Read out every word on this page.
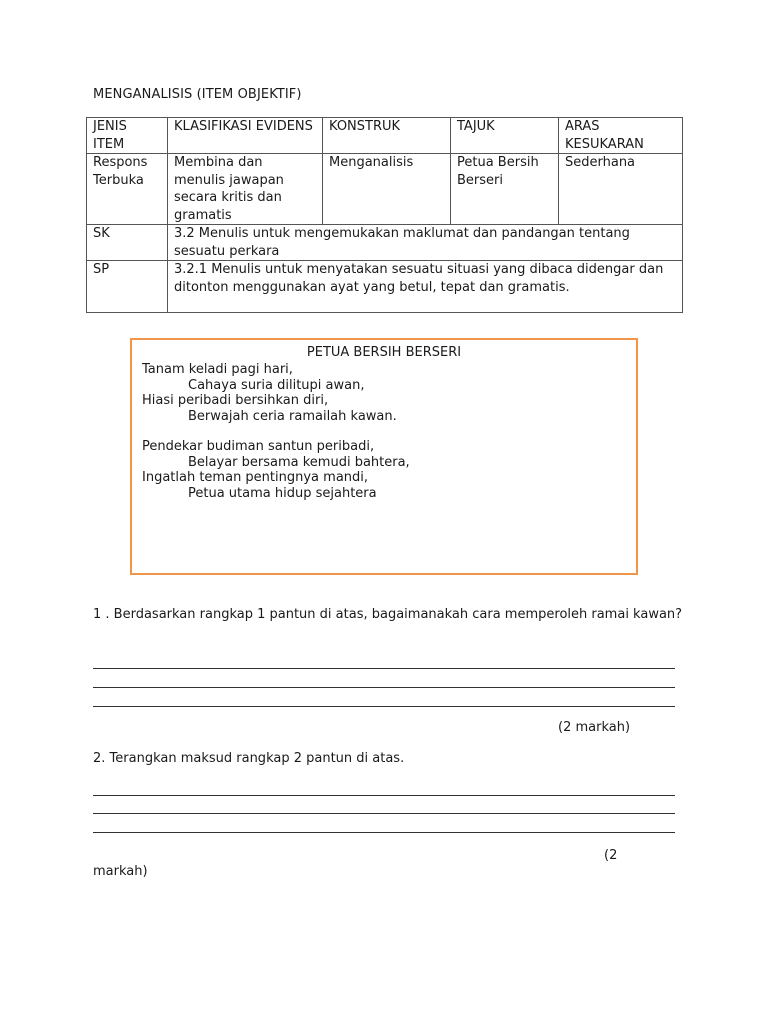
MENGANALISIS (ITEM OBJEKTIF)
JENIS ITEM	KLASIFIKASI EVIDENS	KONSTRUK	TAJUK	ARAS KESUKARAN
Respons Terbuka	Membina dan menulis jawapan secara kritis dan gramatis	Menganalisis	Petua Bersih Berseri	Sederhana
SK	3.2 Menulis untuk mengemukakan maklumat dan pandangan tentang sesuatu perkara			
SP	3.2.1 Menulis untuk menyatakan sesuatu situasi yang dibaca didengar dan ditonton menggunakan ayat yang betul, tepat dan gramatis.			
PETUA BERSIH BERSERI
Tanam keladi pagi hari,
Cahaya suria dilitupi awan,
Hiasi peribadi bersihkan diri,
Berwajah ceria ramailah kawan.
Pendekar budiman santun peribadi,
Belayar bersama kemudi bahtera,
Ingatlah teman pentingnya mandi,
Petua utama hidup sejahtera
1 . Berdasarkan rangkap 1 pantun di atas, bagaimanakah cara memperoleh ramai kawan?
(2 markah)
2. Terangkan maksud rangkap 2 pantun di atas.
(2
markah)
